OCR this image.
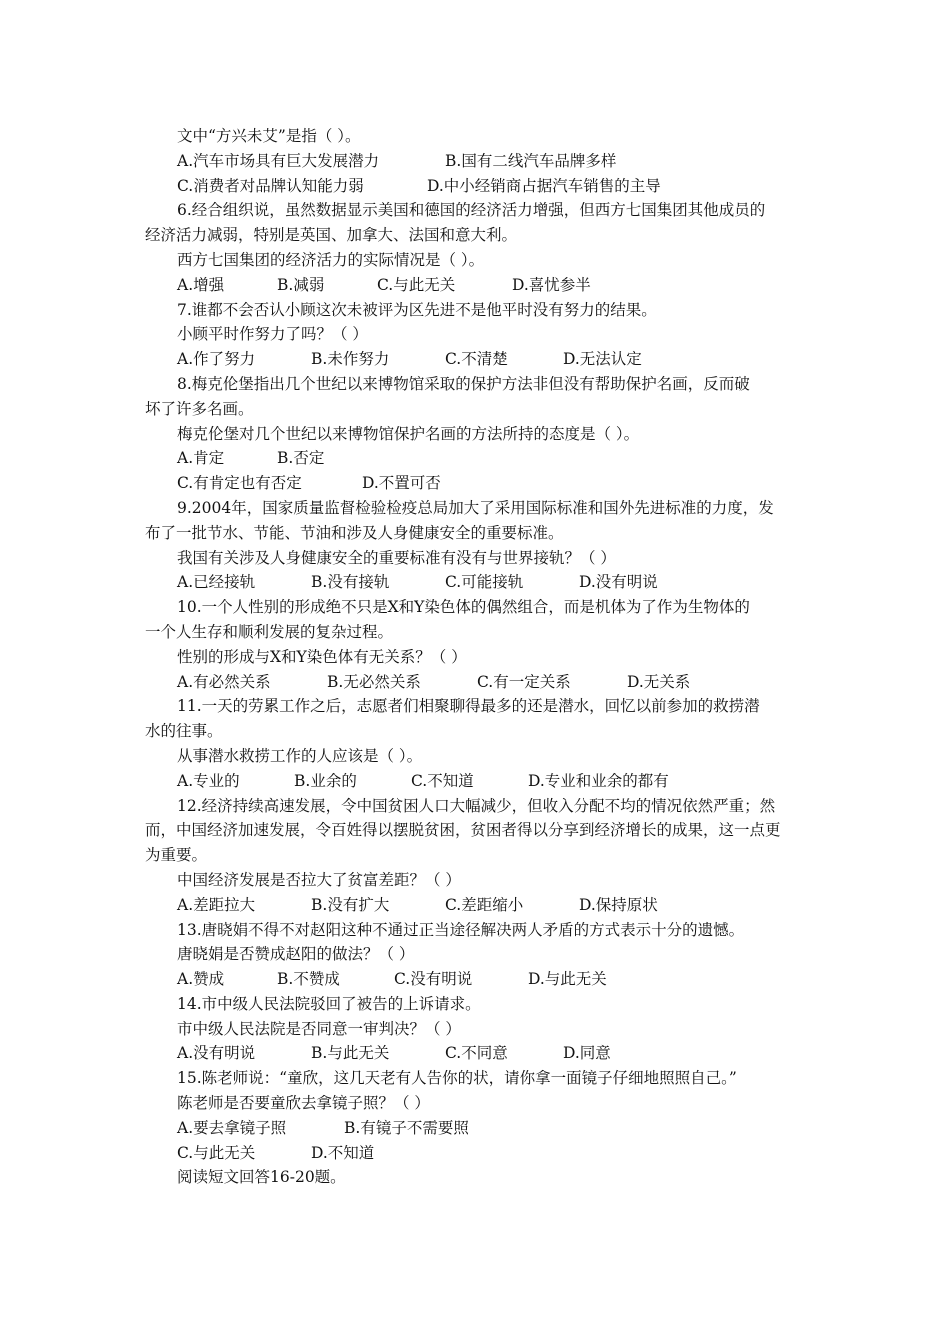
文中“方兴未艾”是指（ ）。
A.汽车市场具有巨大发展潜力	B.国有二线汽车品牌多样
C.消费者对品牌认知能力弱	D.中小经销商占据汽车销售的主导
6.经合组织说，虽然数据显示美国和德国的经济活力增强，但西方七国集团其他成员的
经济活力减弱，特别是英国、加拿大、法国和意大利。
西方七国集团的经济活力的实际情况是（ ）。
A.增强	B.减弱	C.与此无关	D.喜忧参半
7.谁都不会否认小顾这次未被评为区先进不是他平时没有努力的结果。
小顾平时作努力了吗？（ ）
A.作了努力	B.未作努力	C.不清楚	D.无法认定
8.梅克伦堡指出几个世纪以来博物馆采取的保护方法非但没有帮助保护名画，反而破
坏了许多名画。
梅克伦堡对几个世纪以来博物馆保护名画的方法所持的态度是（ ）。
A.肯定	B.否定
C.有肯定也有否定	D.不置可否
9.2004年，国家质量监督检验检疫总局加大了采用国际标准和国外先进标准的力度，发
布了一批节水、节能、节油和涉及人身健康安全的重要标准。
我国有关涉及人身健康安全的重要标准有没有与世界接轨？（ ）
A.已经接轨	B.没有接轨	C.可能接轨	D.没有明说
10.一个人性别的形成绝不只是X和Y染色体的偶然组合，而是机体为了作为生物体的
一个人生存和顺利发展的复杂过程。
性别的形成与X和Y染色体有无关系？（ ）
A.有必然关系	B.无必然关系	C.有一定关系	D.无关系
11.一天的劳累工作之后，志愿者们相聚聊得最多的还是潜水，回忆以前参加的救捞潜
水的往事。
从事潜水救捞工作的人应该是（ ）。
A.专业的	B.业余的	C.不知道	D.专业和业余的都有
12.经济持续高速发展，令中国贫困人口大幅减少，但收入分配不均的情况依然严重；然
而，中国经济加速发展，令百姓得以摆脱贫困，贫困者得以分享到经济增长的成果，这一点更
为重要。
中国经济发展是否拉大了贫富差距？（ ）
A.差距拉大	B.没有扩大	C.差距缩小	D.保持原状
13.唐晓娟不得不对赵阳这种不通过正当途径解决两人矛盾的方式表示十分的遗憾。
唐晓娟是否赞成赵阳的做法？（ ）
A.赞成	B.不赞成	C.没有明说	D.与此无关
14.市中级人民法院驳回了被告的上诉请求。
市中级人民法院是否同意一审判决？（ ）
A.没有明说	B.与此无关	C.不同意	D.同意
15.陈老师说：“童欣，这几天老有人告你的状，请你拿一面镜子仔细地照照自己。”
陈老师是否要童欣去拿镜子照？（ ）
A.要去拿镜子照	B.有镜子不需要照
C.与此无关	D.不知道
阅读短文回答16-20题。
